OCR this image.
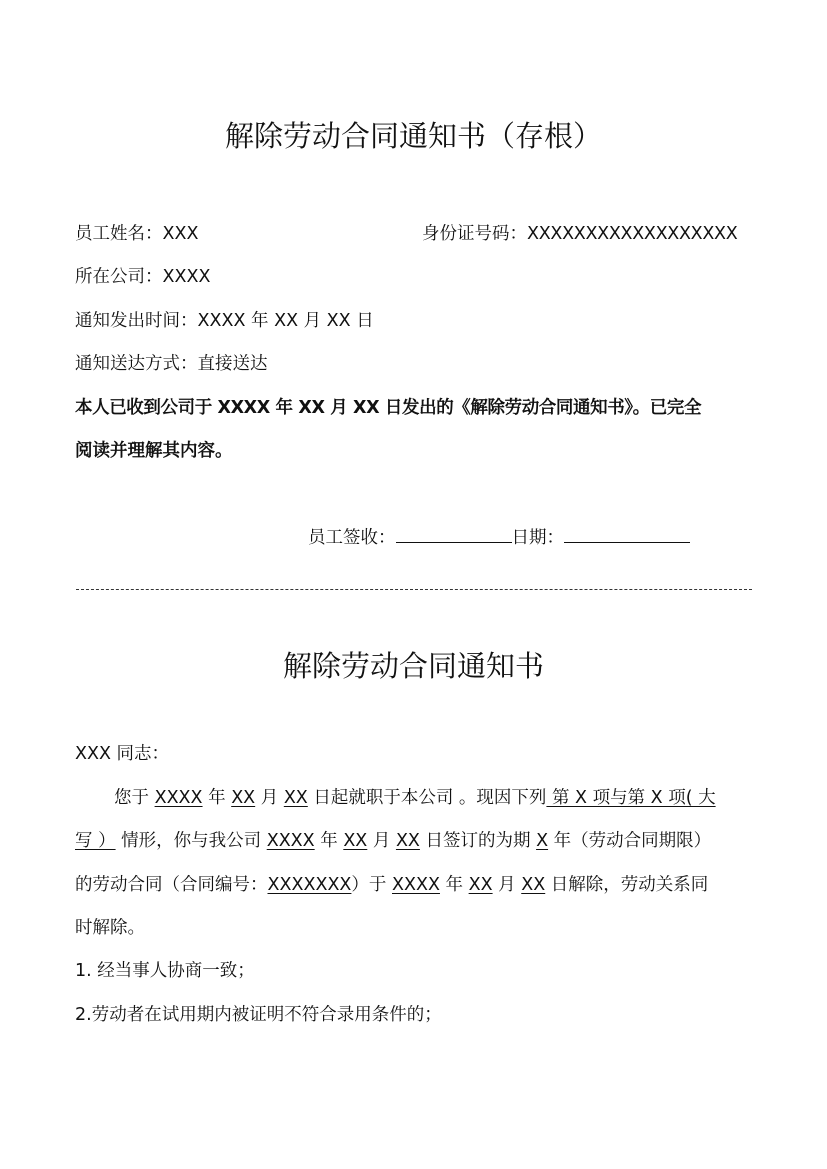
解除劳动合同通知书（存根）
员工姓名：XXX	身份证号码：XXXXXXXXXXXXXXXXXX
所在公司：XXXX
通知发出时间：XXXX 年 XX 月 XX 日
通知送达方式：直接送达
本人已收到公司于 XXXX 年 XX 月 XX 日发出的《解除劳动合同通知书》。已完全
阅读并理解其内容。
员工签收：	日期：
解除劳动合同通知书
XXX 同志：
您于 XXXX 年 XX 月 XX 日起就职于本公司 。现因下列 第 X 项与第 X 项( 大
写 ） 情形，你与我公司 XXXX 年 XX 月 XX 日签订的为期 X 年（劳动合同期限）
的劳动合同（合同编号：XXXXXXX）于 XXXX 年 XX 月 XX 日解除，劳动关系同
时解除。
1. 经当事人协商一致；
2.劳动者在试用期内被证明不符合录用条件的；
